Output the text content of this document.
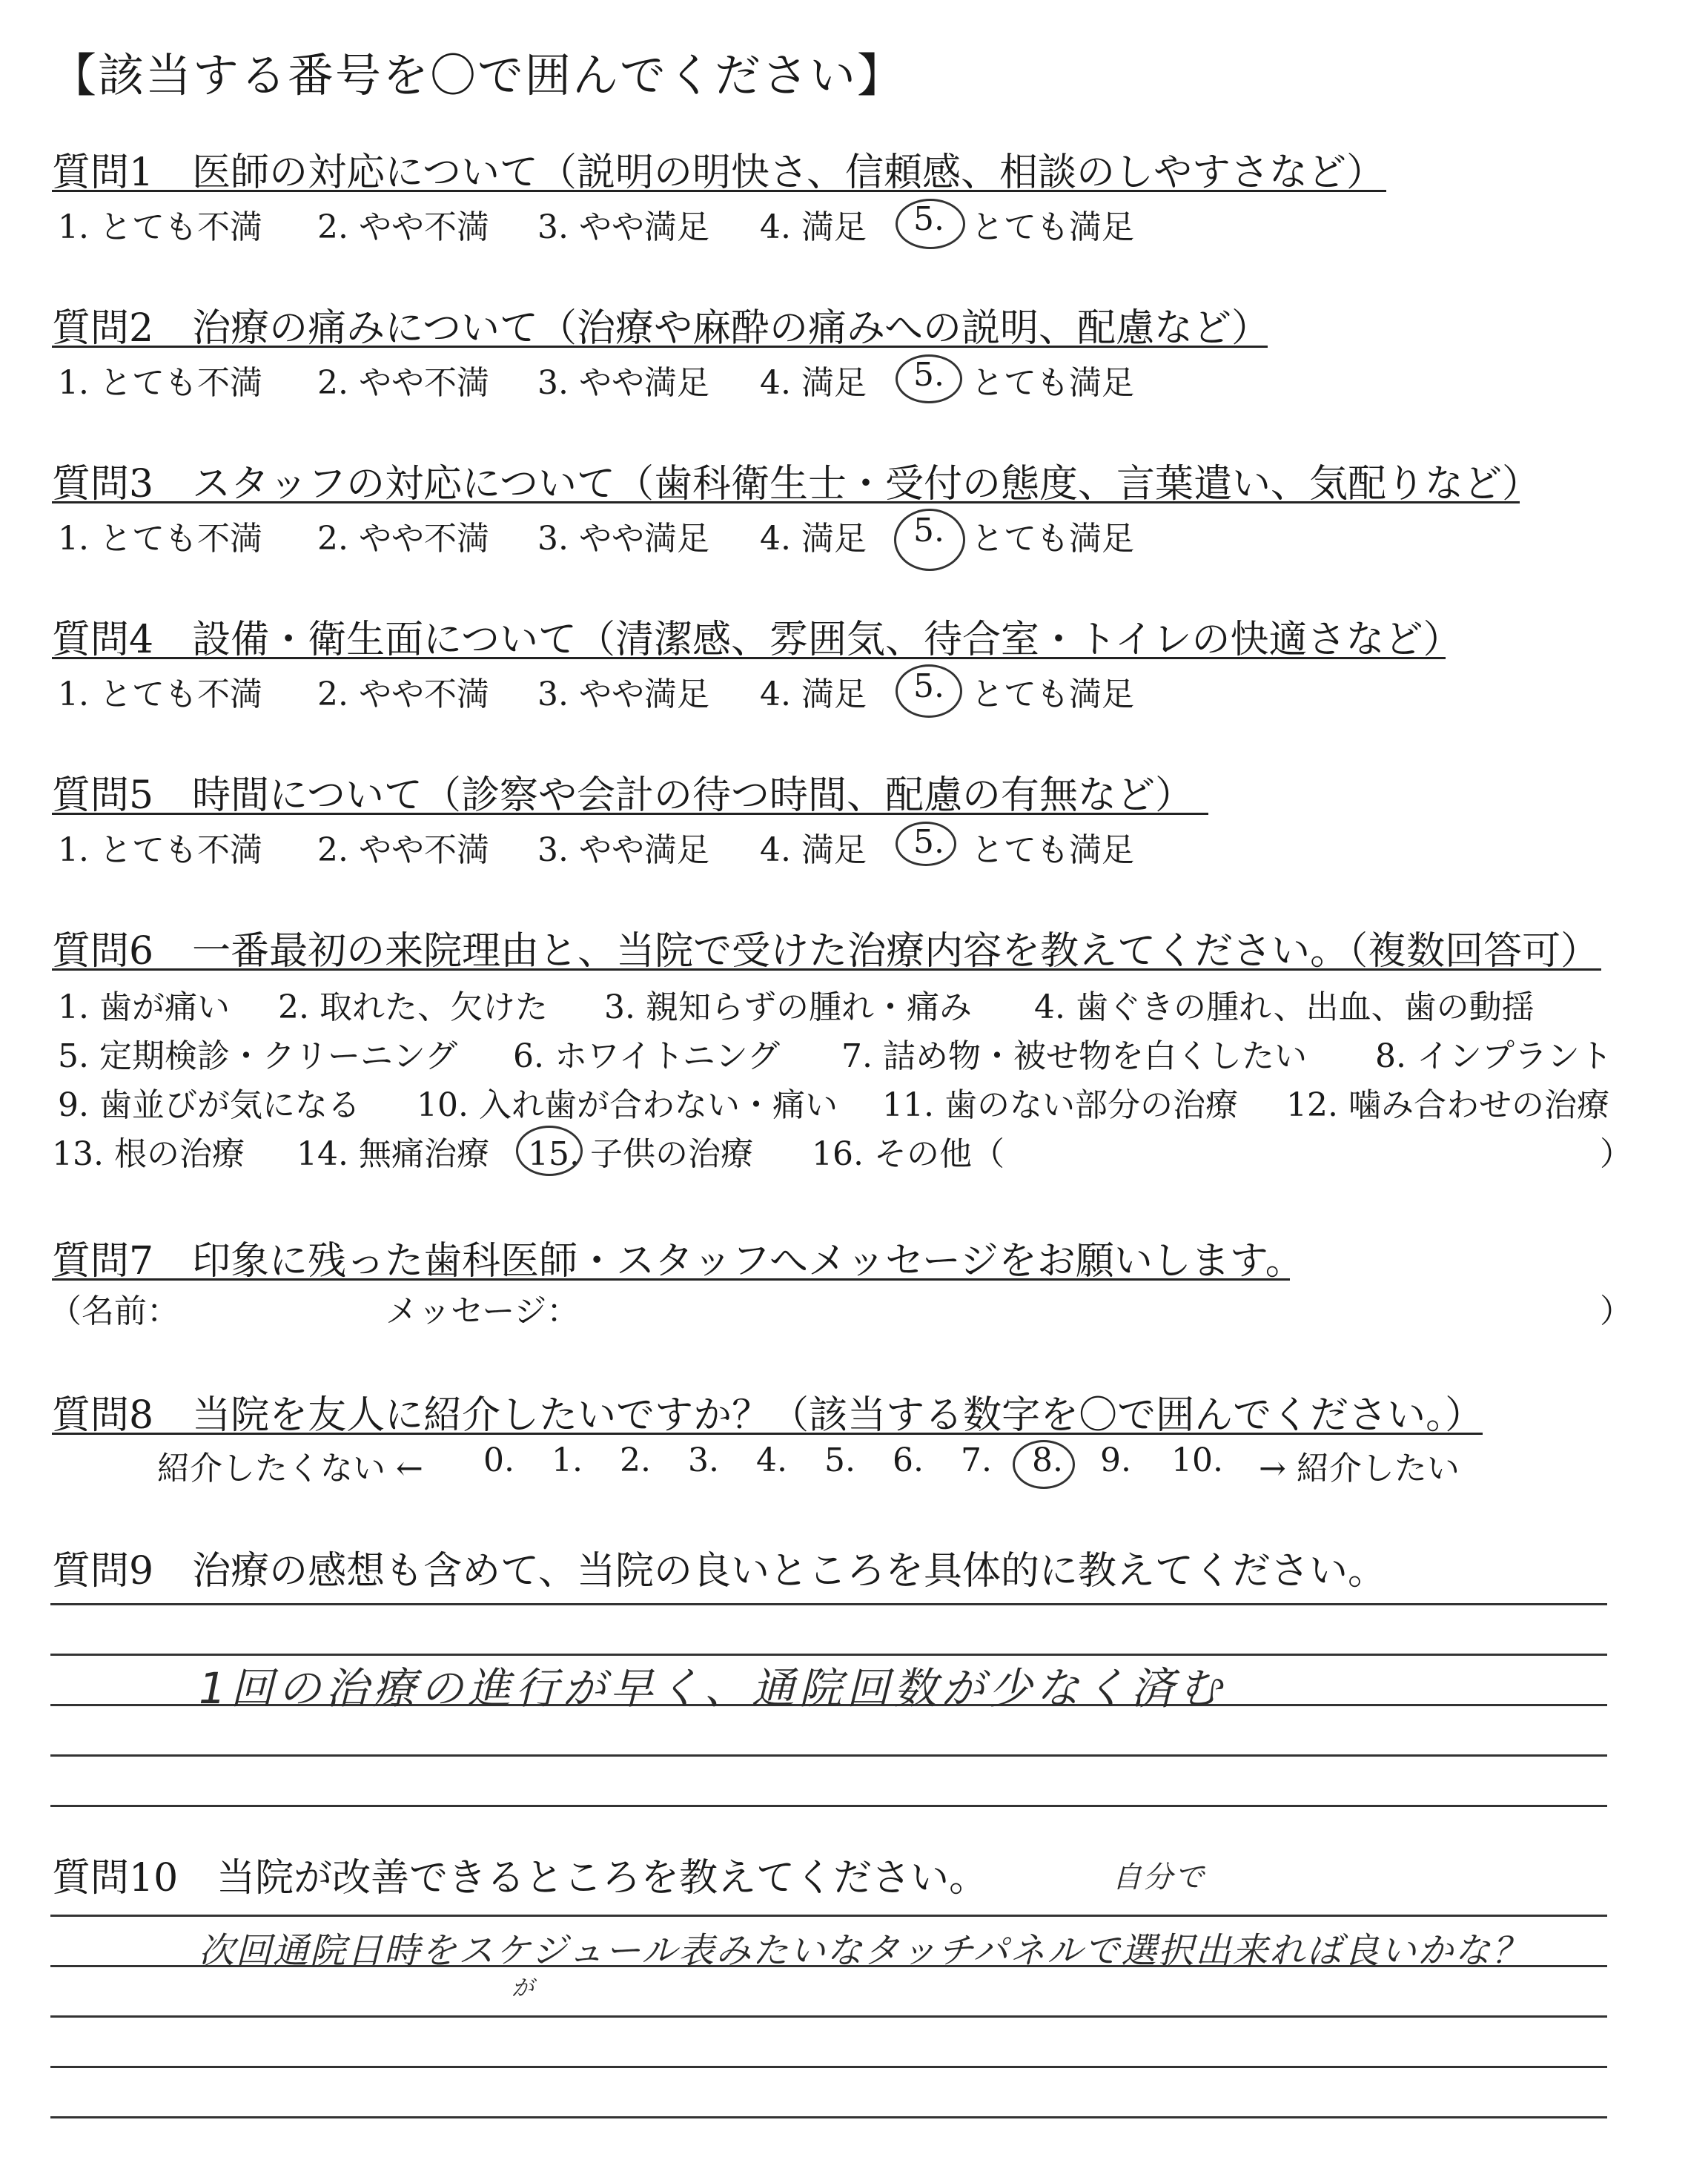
【該当する番号を〇で囲んでください】
質問1　医師の対応について（説明の明快さ、信頼感、相談のしやすさなど）
1. とても不満 2. やや不満 3. やや満足 4. 満足 5. とても満足
質問2　治療の痛みについて（治療や麻酔の痛みへの説明、配慮など）
1. とても不満 2. やや不満 3. やや満足 4. 満足 5. とても満足
質問3　スタッフの対応について（歯科衛生士・受付の態度、言葉遣い、気配りなど）
1. とても不満 2. やや不満 3. やや満足 4. 満足 5. とても満足
質問4　設備・衛生面について（清潔感、雰囲気、待合室・トイレの快適さなど）
1. とても不満 2. やや不満 3. やや満足 4. 満足 5. とても満足
質問5　時間について（診察や会計の待つ時間、配慮の有無など）
1. とても不満 2. やや不満 3. やや満足 4. 満足 5. とても満足
質問6　一番最初の来院理由と、当院で受けた治療内容を教えてください。（複数回答可）
1. 歯が痛い 2. 取れた、欠けた 3. 親知らずの腫れ・痛み 4. 歯ぐきの腫れ、出血、歯の動揺
5. 定期検診・クリーニング 6. ホワイトニング 7. 詰め物・被せ物を白くしたい 8. インプラント
9. 歯並びが気になる 10. 入れ歯が合わない・痛い 11. 歯のない部分の治療 12. 噛み合わせの治療
13. 根の治療 14. 無痛治療 15. 子供の治療 16. その他（	）
質問7　印象に残った歯科医師・スタッフへメッセージをお願いします。
（名前：	メッセージ：	）
質問8　当院を友人に紹介したいですか？（該当する数字を〇で囲んでください。）
紹介したくない ← 0. 1. 2. 3. 4. 5. 6. 7. 8. 9. 10. → 紹介したい
質問9　治療の感想も含めて、当院の良いところを具体的に教えてください。
1回の治療の進行が早く、通院回数が少なく済む
質問10　当院が改善できるところを教えてください。
次回通院日時をスケジュール表みたいなタッチパネルで選択出来れば良いかな？
自分で
が
